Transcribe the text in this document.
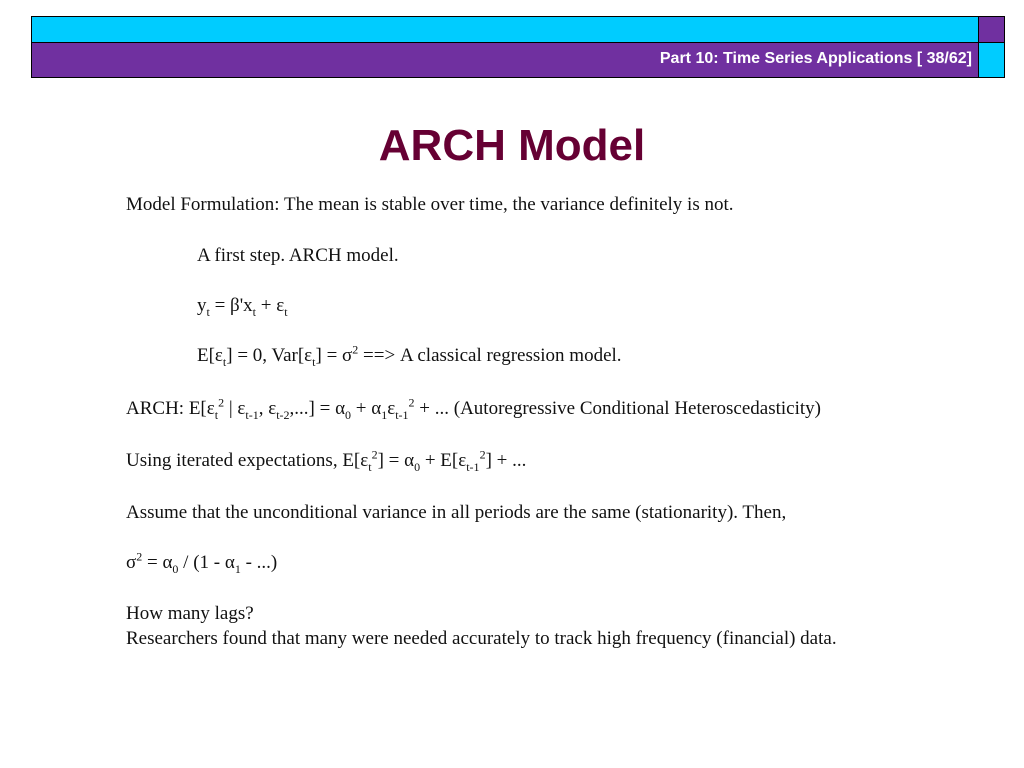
Part 10: Time Series Applications [ 38/62]
ARCH Model
Model Formulation: The mean is stable over time, the variance definitely is not.
A first step. ARCH model.
$y_t = \beta'x_t + \varepsilon_t$
$E[\varepsilon_t] = 0$, $Var[\varepsilon_t] = \sigma^2$ ==> A classical regression model.
ARCH: $E[\varepsilon_t^2$ | $\varepsilon_{t-1}$, $\varepsilon_{t-2},...] = \alpha_0 + \alpha_1\varepsilon_{t-1}^2$ + ... (Autoregressive Conditional Heteroscedasticity)
Using iterated expectations, $E[\varepsilon_t^2] = \alpha_0 + E[\varepsilon_{t-1}^2]$ + ...
Assume that the unconditional variance in all periods are the same (stationarity). Then,
$\sigma^2 = \alpha_0 / (1 - \alpha_1$ - ...)
How many lags?
Researchers found that many were needed accurately to track high frequency (financial) data.
